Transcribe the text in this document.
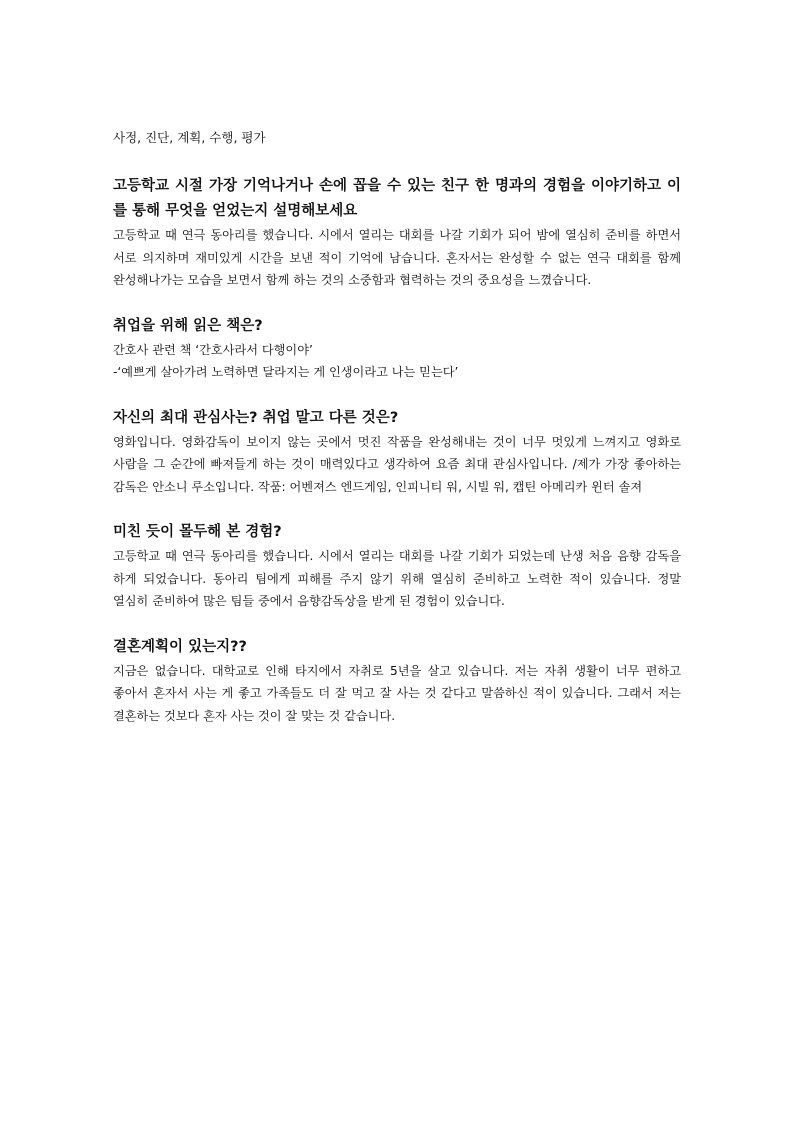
사정, 진단, 계획, 수행, 평가

고등학교 시절 가장 기억나거나 손에 꼽을 수 있는 친구 한 명과의 경험을 이야기하고 이를 통해 무엇을 얻었는지 설명해보세요

고등학교 때 연극 동아리를 했습니다. 시에서 열리는 대회를 나갈 기회가 되어 밤에 열심히 준비를 하면서 서로 의지하며 재미있게 시간을 보낸 적이 기억에 남습니다. 혼자서는 완성할 수 없는 연극 대회를 함께 완성해나가는 모습을 보면서 함께 하는 것의 소중함과 협력하는 것의 중요성을 느꼈습니다.

취업을 위해 읽은 책은?

간호사 관련 책 ‘간호사라서 다행이야’

-‘예쁘게 살아가려 노력하면 달라지는 게 인생이라고 나는 믿는다’

자신의 최대 관심사는? 취업 말고 다른 것은?

영화입니다. 영화감독이 보이지 않는 곳에서 멋진 작품을 완성해내는 것이 너무 멋있게 느껴지고 영화로 사람을 그 순간에 빠져들게 하는 것이 매력있다고 생각하여 요즘 최대 관심사입니다. /제가 가장 좋아하는 감독은 안소니 루소입니다. 작품: 어벤져스 엔드게임, 인피니티 워, 시빌 워, 캡틴 아메리카 윈터 솔져

미친 듯이 몰두해 본 경험?

고등학교 때 연극 동아리를 했습니다. 시에서 열리는 대회를 나갈 기회가 되었는데 난생 처음 음향 감독을 하게 되었습니다. 동아리 팀에게 피해를 주지 않기 위해 열심히 준비하고 노력한 적이 있습니다. 정말 열심히 준비하여 많은 팀들 중에서 음향감독상을 받게 된 경험이 있습니다.

결혼계획이 있는지??

지금은 없습니다. 대학교로 인해 타지에서 자취로 5년을 살고 있습니다. 저는 자취 생활이 너무 편하고 좋아서 혼자서 사는 게 좋고 가족들도 더 잘 먹고 잘 사는 것 같다고 말씀하신 적이 있습니다. 그래서 저는 결혼하는 것보다 혼자 사는 것이 잘 맞는 것 같습니다.
